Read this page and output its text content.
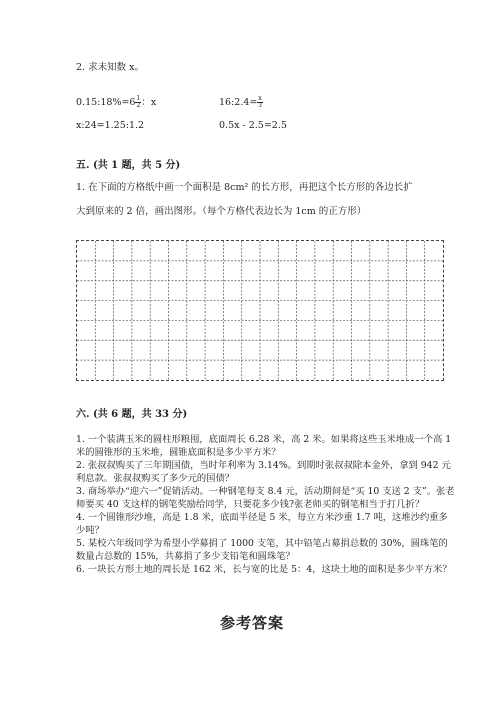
2. 求未知数 x。
0.15:18%=6 $\frac{1}{2}$ ：x	16:2.4= $\frac{x}{3}$
x:24=1.25:1.2	0.5x - 2.5=2.5
五. (共 1 题，共 5 分)
1. 在下面的方格纸中画一个面积是 8cm² 的长方形，再把这个长方形的各边长扩
大到原来的 2 倍，画出图形。（每个方格代表边长为 1cm 的正方形）
六. (共 6 题，共 33 分)
1. 一个装满玉米的圆柱形粮囤，底面周长 6.28 米，高 2 米。如果将这些玉米堆成一个高 1 米的圆锥形的玉米堆，圆锥底面积是多少平方米？
2. 张叔叔购买了三年期国债，当时年利率为 3.14%。到期时张叔叔除本金外，拿到 942 元利息款。张叔叔购买了多少元的国债？
3. 商场举办“迎六一”促销活动。一种钢笔每支 8.4 元，活动期间是“买 10 支送 2 支”。张老师要买 40 支这样的钢笔奖励给同学，只要花多少钱?张老师买的钢笔相当于打几折？
4. 一个圆锥形沙堆，高是 1.8 米，底面半径是 5 米，每立方米沙重 1.7 吨，这堆沙约重多少吨？
5. 某校六年级同学为希望小学募捐了 1000 支笔，其中铅笔占募捐总数的 30%，圆珠笔的数量占总数的 15%，共募捐了多少支铅笔和圆珠笔？
6. 一块长方形土地的周长是 162 米，长与宽的比是 5：4，这块土地的面积是多少平方米？
参考答案
